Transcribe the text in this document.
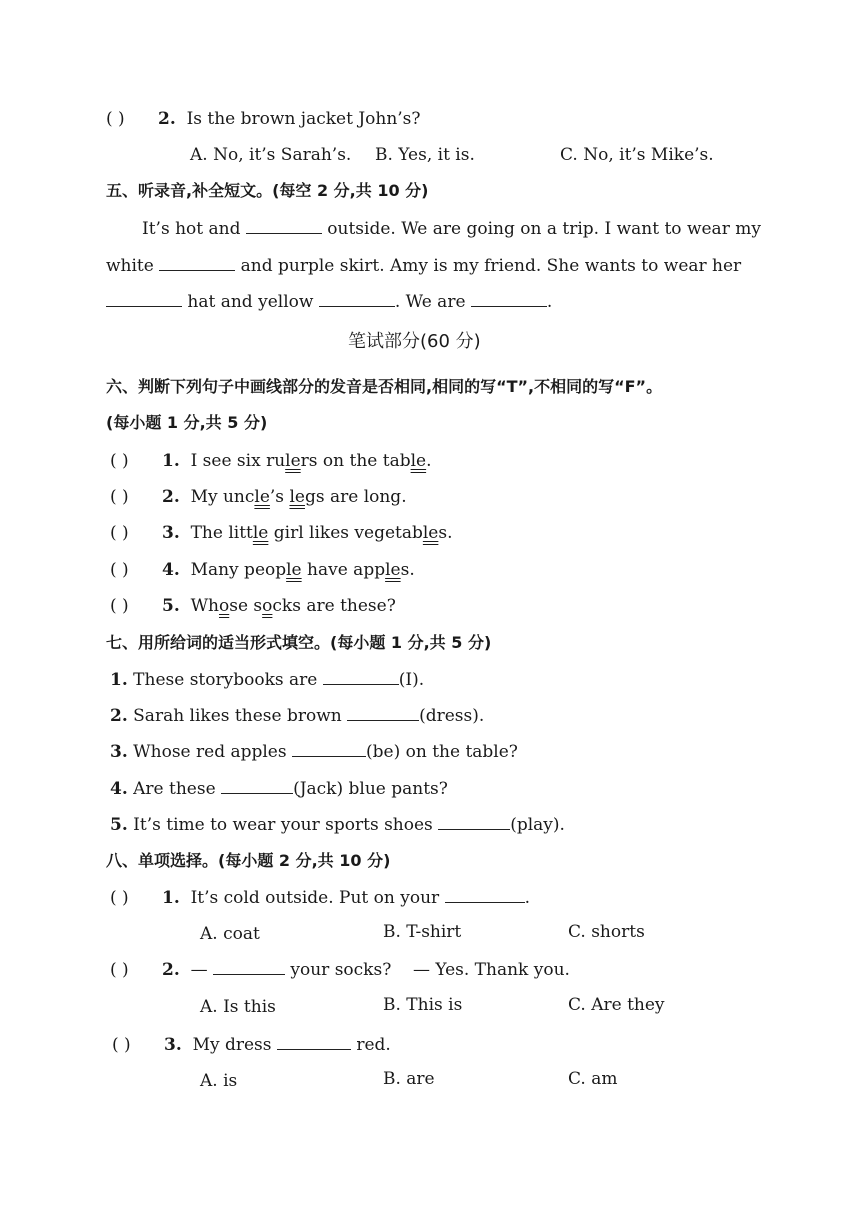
( ) 2. Is the brown jacket John’s?
A. No, it’s Sarah’s. B. Yes, it is.	C. No, it’s Mike’s.
五、听录音,补全短文。(每空 2 分,共 10 分)
It’s hot and	outside. We are going on a trip. I want to wear my
white	and purple skirt. Amy is my friend. She wants to wear her
hat and yellow	. We are	.
笔试部分(60 分)
六、判断下列句子中画线部分的发音是否相同,相同的写“T”,不相同的写“F”。
(每小题 1 分,共 5 分)
( ) 1. I see six rulers on the table.
( ) 2. My uncle’s legs are long.
( ) 3. The little girl likes vegetables.
( ) 4. Many people have apples.
( ) 5. Whose socks are these?
七、用所给词的适当形式填空。(每小题 1 分,共 5 分)
1. These storybooks are	(I).
2. Sarah likes these brown	(dress).
3. Whose red apples	(be) on the table?
4. Are these	(Jack) blue pants?
5. It’s time to wear your sports shoes	(play).
八、单项选择。(每小题 2 分,共 10 分)
( ) 1. It’s cold outside. Put on your	.
A. coat	B. T-shirt	C. shorts
( ) 2. —	your socks? — Yes. Thank you.
A. Is this	B. This is	C. Are they
( ) 3. My dress	red.
A. is	B. are	C. am
